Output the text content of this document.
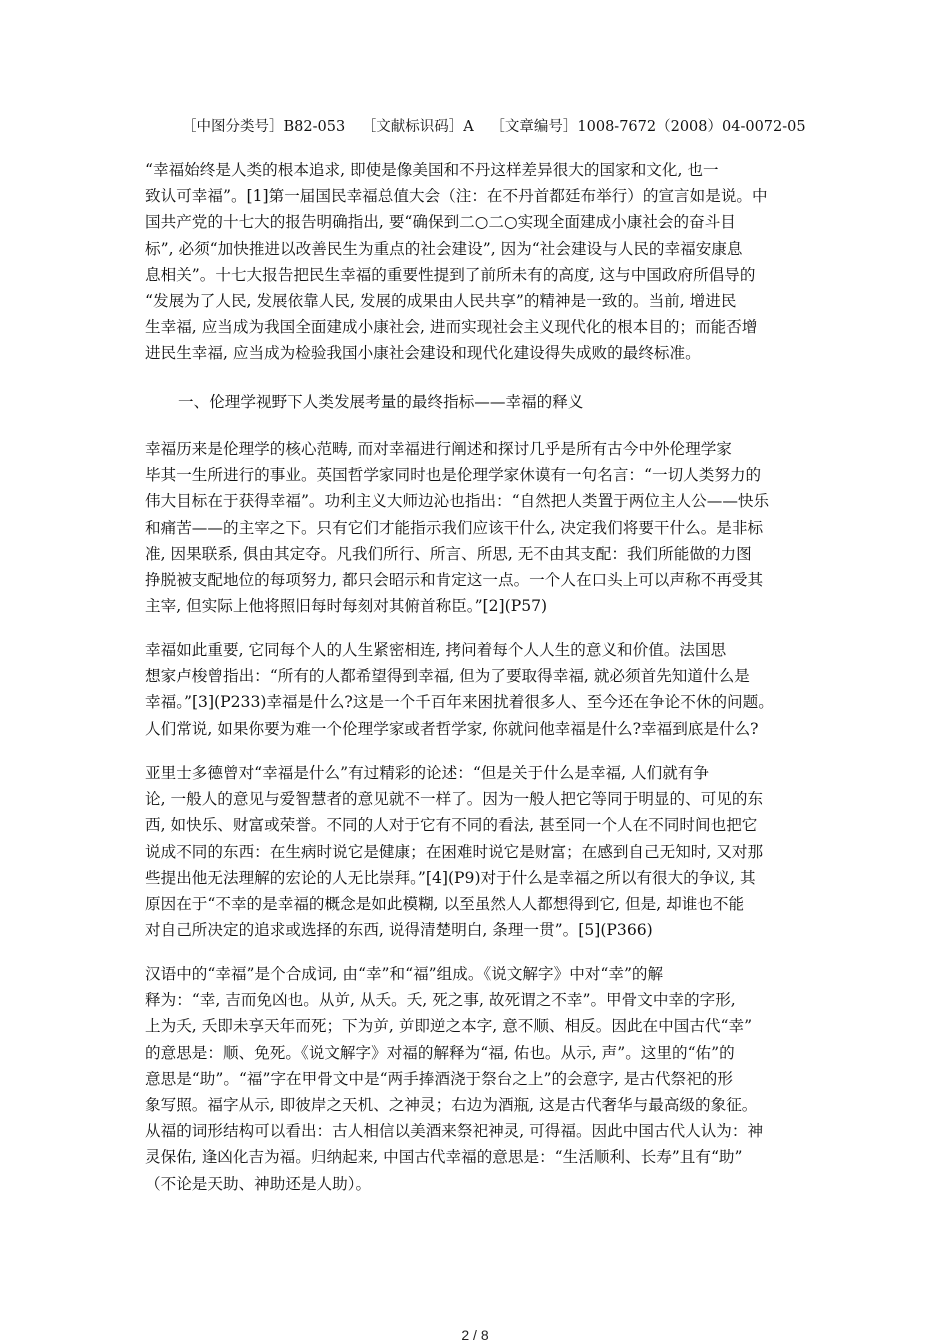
［中图分类号］B82-053 ［文献标识码］A ［文章编号］1008-7672（2008）04-0072-05
“幸福始终是人类的根本追求, 即使是像美国和不丹这样差异很大的国家和文化, 也一
致认可幸福”。[1]第一届国民幸福总值大会（注：在不丹首都廷布举行）的宣言如是说。中
国共产党的十七大的报告明确指出, 要“确保到二○二○实现全面建成小康社会的奋斗目
标”, 必须“加快推进以改善民生为重点的社会建设”, 因为“社会建设与人民的幸福安康息
息相关”。十七大报告把民生幸福的重要性提到了前所未有的高度, 这与中国政府所倡导的
“发展为了人民, 发展依靠人民, 发展的成果由人民共享”的精神是一致的。当前, 增进民
生幸福, 应当成为我国全面建成小康社会, 进而实现社会主义现代化的根本目的；而能否增
进民生幸福, 应当成为检验我国小康社会建设和现代化建设得失成败的最终标准。
一、伦理学视野下人类发展考量的最终指标——幸福的释义
幸福历来是伦理学的核心范畴, 而对幸福进行阐述和探讨几乎是所有古今中外伦理学家
毕其一生所进行的事业。英国哲学家同时也是伦理学家休谟有一句名言：“一切人类努力的
伟大目标在于获得幸福”。功利主义大师边沁也指出：“自然把人类置于两位主人公——快乐
和痛苦——的主宰之下。只有它们才能指示我们应该干什么, 决定我们将要干什么。是非标
准, 因果联系, 俱由其定夺。凡我们所行、所言、所思, 无不由其支配：我们所能做的力图
挣脱被支配地位的每项努力, 都只会昭示和肯定这一点。一个人在口头上可以声称不再受其
主宰, 但实际上他将照旧每时每刻对其俯首称臣。”[2](P57)
幸福如此重要, 它同每个人的人生紧密相连, 拷问着每个人人生的意义和价值。法国思
想家卢梭曾指出：“所有的人都希望得到幸福, 但为了要取得幸福, 就必须首先知道什么是
幸福。”[3](P233)幸福是什么?这是一个千百年来困扰着很多人、至今还在争论不休的问题。
人们常说, 如果你要为难一个伦理学家或者哲学家, 你就问他幸福是什么?幸福到底是什么?
亚里士多德曾对“幸福是什么”有过精彩的论述：“但是关于什么是幸福, 人们就有争
论, 一般人的意见与爱智慧者的意见就不一样了。因为一般人把它等同于明显的、可见的东
西, 如快乐、财富或荣誉。不同的人对于它有不同的看法, 甚至同一个人在不同时间也把它
说成不同的东西：在生病时说它是健康；在困难时说它是财富；在感到自己无知时, 又对那
些提出他无法理解的宏论的人无比崇拜。”[4](P9)对于什么是幸福之所以有很大的争议, 其
原因在于“不幸的是幸福的概念是如此模糊, 以至虽然人人都想得到它, 但是, 却谁也不能
对自己所决定的追求或选择的东西, 说得清楚明白, 条理一贯”。[5](P366)
汉语中的“幸福”是个合成词, 由“幸”和“福”组成。《说文解字》中对“幸”的解
释为：“幸, 吉而免凶也。从屰, 从夭。夭, 死之事, 故死谓之不幸”。甲骨文中幸的字形,
上为夭, 夭即未享天年而死；下为屰, 屰即逆之本字, 意不顺、相反。因此在中国古代“幸”
的意思是：顺、免死。《说文解字》对福的解释为“福, 佑也。从示, 声”。这里的“佑”的
意思是“助”。“福”字在甲骨文中是“两手捧酒浇于祭台之上”的会意字, 是古代祭祀的形
象写照。福字从示, 即彼岸之天机、之神灵；右边为酒瓶, 这是古代奢华与最高级的象征。
从福的词形结构可以看出：古人相信以美酒来祭祀神灵, 可得福。因此中国古代人认为：神
灵保佑, 逢凶化吉为福。归纳起来, 中国古代幸福的意思是：“生活顺利、长寿”且有“助”
（不论是天助、神助还是人助）。
2 / 8
